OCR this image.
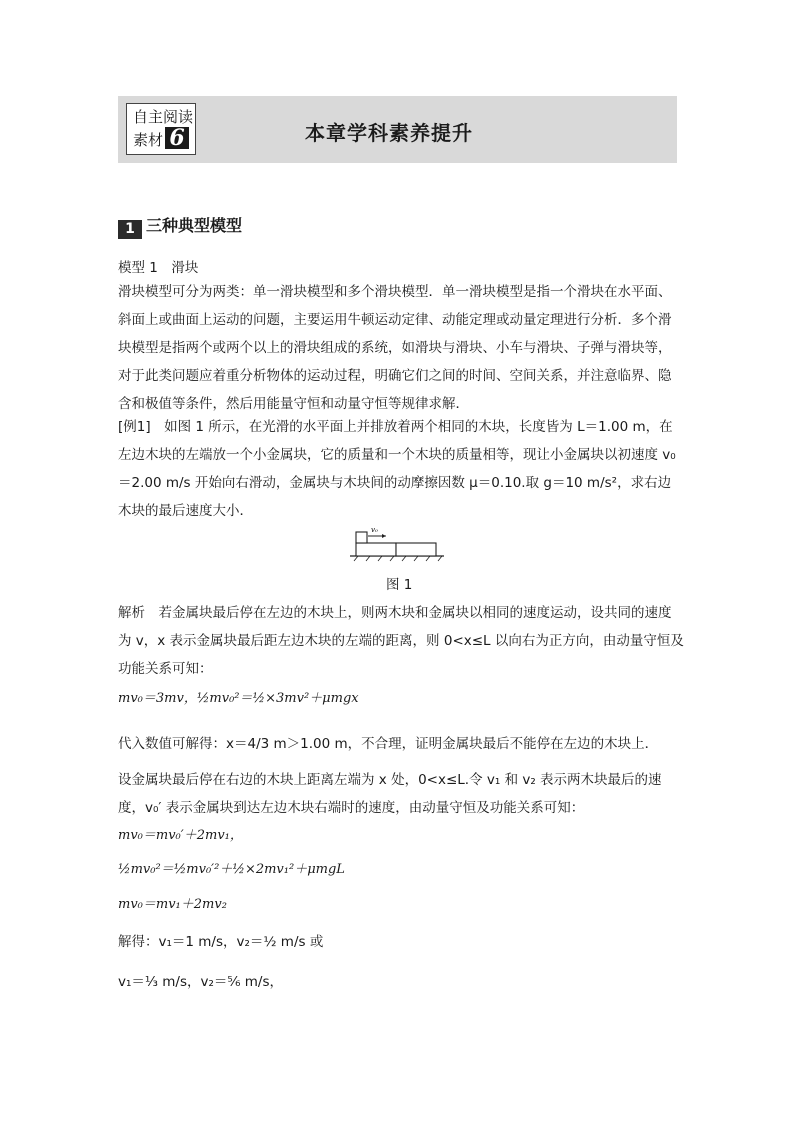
自主阅读
素材 6	本章学科素养提升
1 三种典型模型
模型 1　滑块
滑块模型可分为两类：单一滑块模型和多个滑块模型．单一滑块模型是指一个滑块在水平面、斜面上或曲面上运动的问题，主要运用牛顿运动定律、动能定理或动量定理进行分析．多个滑块模型是指两个或两个以上的滑块组成的系统，如滑块与滑块、小车与滑块、子弹与滑块等，对于此类问题应着重分析物体的运动过程，明确它们之间的时间、空间关系，并注意临界、隐含和极值等条件，然后用能量守恒和动量守恒等规律求解．
[例1]　如图 1 所示，在光滑的水平面上并排放着两个相同的木块，长度皆为 L＝1.00 m，在左边木块的左端放一个小金属块，它的质量和一个木块的质量相等，现让小金属块以初速度 v₀＝2.00 m/s 开始向右滑动，金属块与木块间的动摩擦因数 μ＝0.10.取 g＝10 m/s²，求右边木块的最后速度大小．
v₀
图 1
解析　若金属块最后停在左边的木块上，则两木块和金属块以相同的速度运动，设共同的速度为 v，x 表示金属块最后距左边木块的左端的距离，则 0<x≤L 以向右为正方向，由动量守恒及功能关系可知：
mv₀＝3mv，½mv₀²＝½×3mv²＋μmgx
代入数值可解得：x＝4/3 m＞1.00 m，不合理，证明金属块最后不能停在左边的木块上．
设金属块最后停在右边的木块上距离左端为 x 处，0<x≤L.令 v₁ 和 v₂ 表示两木块最后的速度，v₀′ 表示金属块到达左边木块右端时的速度，由动量守恒及功能关系可知：
mv₀＝mv₀′＋2mv₁，
½mv₀²＝½mv₀′²＋½×2mv₁²＋μmgL
mv₀＝mv₁＋2mv₂
解得：v₁＝1 m/s，v₂＝½ m/s 或
v₁＝⅓ m/s，v₂＝⅚ m/s，
